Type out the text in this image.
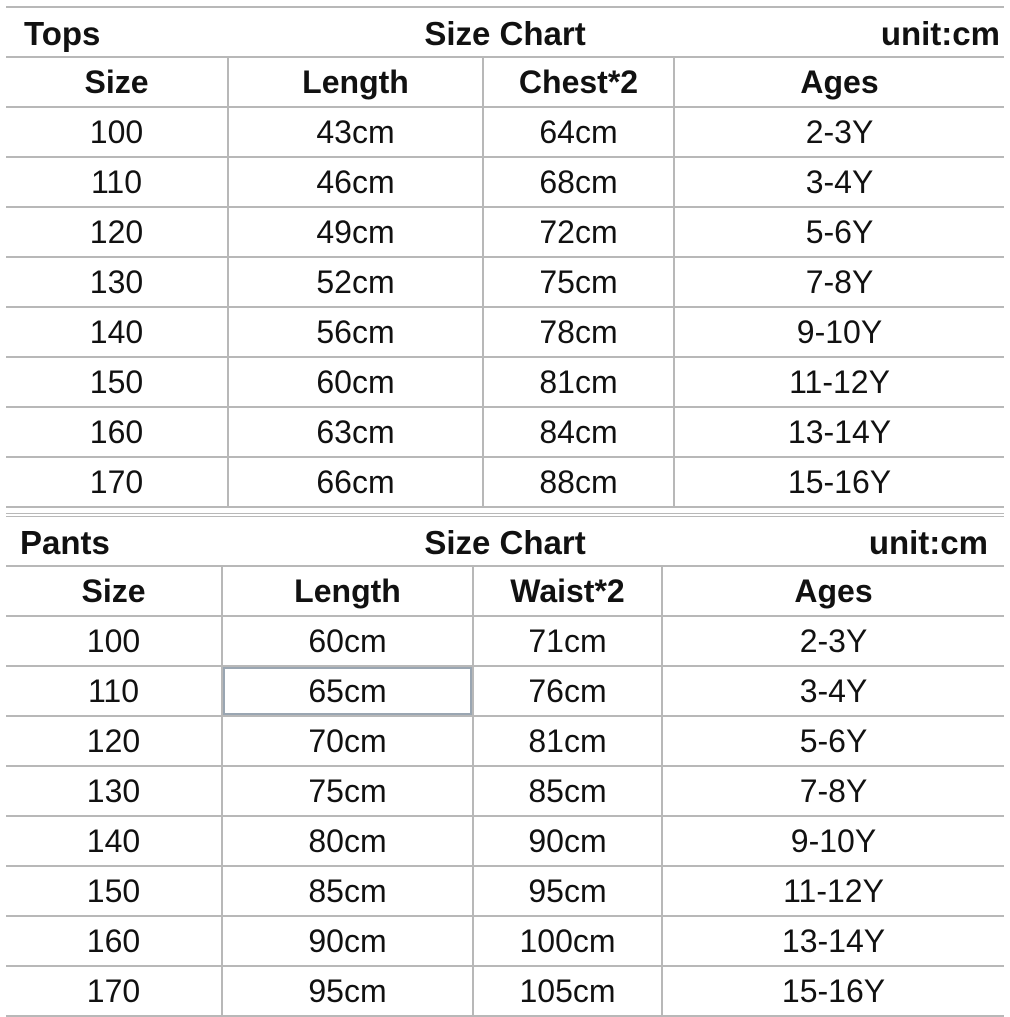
Tops	Size Chart	unit:cm
Size	Length	Chest*2	Ages
100	43cm	64cm	2-3Y
110	46cm	68cm	3-4Y
120	49cm	72cm	5-6Y
130	52cm	75cm	7-8Y
140	56cm	78cm	9-10Y
150	60cm	81cm	11-12Y
160	63cm	84cm	13-14Y
170	66cm	88cm	15-16Y
Pants	Size Chart	unit:cm
Size	Length	Waist*2	Ages
100	60cm	71cm	2-3Y
110	65cm	76cm	3-4Y
120	70cm	81cm	5-6Y
130	75cm	85cm	7-8Y
140	80cm	90cm	9-10Y
150	85cm	95cm	11-12Y
160	90cm	100cm	13-14Y
170	95cm	105cm	15-16Y
